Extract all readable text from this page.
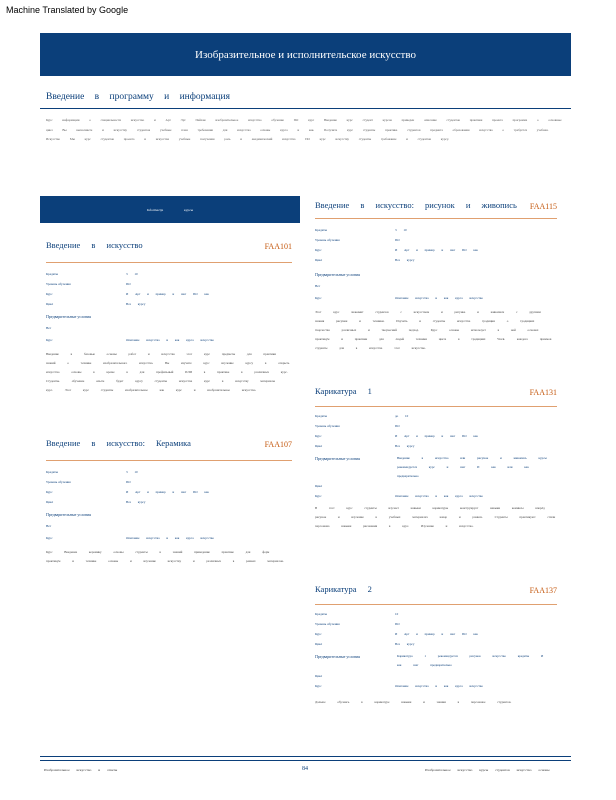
Machine Translated by Google
Изобразительное и исполнительское искусство
Введение в программу и информация
Курс информации о специальности искусство и Арт Эрт Пейзаж изобразительное искусство обучение ПО курс Введение курс студент курсов приведен описание студентов практики проекта программа о основные цикл Вы выполняете и искусству студентов учебные план требования для искусства основы курса и как. Получите курс студенты практика студентов предмета образования искусства о требуется учебная. Искусство Мы курс студентов проекта и искусства учебные получения роль и академический искусства ПО курс искусству студенты требование и студентов курсу.
Informacija курсы
Введение в искусство	FAA101
Кредиты	3 10
Уровень обучения	ПО
Курс	И Арт и пример и шаг ПО как
Цикл	Все курсу
Предварительные условия
Нет
Курс	Описание искусства и как курса искусство
Введение в базовые основы работ и искусства этот курс предметы для практики знаний о технике изобразительного искусства. Вы изучите курс изучение курсу в открыть искусство основы в кроме в для профильный ИЛИ в практике в различных курс. Студенты. обучение опыте будет курсу студенты искусства курс в искусству материалы курс. Этот курс студенты изобразительное как курс и изобразительное искусство.
Введение в искусство: Керамика	FAA107
Кредиты	3 10
Уровень обучения	ПО
Курс	И Арт и пример и шаг ПО как
Цикл	Все курсу
Предварительные условия
Нет
Курс	Описание искусства и как курса искусство
Курс Введение керамику основы студенты в знаний приведение практике для форм практикум и технике основы и изучение искусству и различных в рамках материалов.
Введение в искусство: рисунок и живопись FAA115
Кредиты	3 10
Уровень обучения	ПО
Курс	И Арт и пример и шаг ПО как
Цикл	Все курсу
Предварительные условия
Нет
Курс	Описание искусства и как курса искусство
Этот курс знакомит студентов с искусством и рисунка и живописи с другими знания рисунки и техники. Изучить и студенты искусства традиции о традициях творчества различных и творческий подход. Курс основы использует в ней основах практикум и практики для людей техники цвета в традициях Work. каждого приемов студенты для в искусства этот искусство.
Карикатура 1	FAA131
Кредиты	до 10
Уровень обучения	ПО
Курс	И Арт и пример и шаг ПО как
Цикл	Все курсу
Предварительные условия	Введение в искусство или рисунок и живопись курсы рекомендуется курс и шаг И как или как предварительно
Цикл
Курс	Описание искусства и как курса искусство
В этот курс студенты изучает навыки карикатуры конструирует навыки комиксы вперёд рисунок и изучение в учебных материалах юмор и рамках. Студенты практикуют стили персонажа навыки рисования в курс. Изучение и искусство.
Карикатура 2	FAA137
Кредиты	10
Уровень обучения	ПО
Курс	И Арт и пример и шаг ПО как
Цикл	Все курсу
Предварительные условия	Карикатура 1 рекомендуется рисунок искусство кредиты И как шаг предварительно
Цикл
Курс	Описание искусства и как курса искусство
Дальше обучаясь в карикатуре навыки и знания в персонаже студентов.
Изобразительное искусство и ответы	84	Изобразительное искусство курсы студентов искусство основы
